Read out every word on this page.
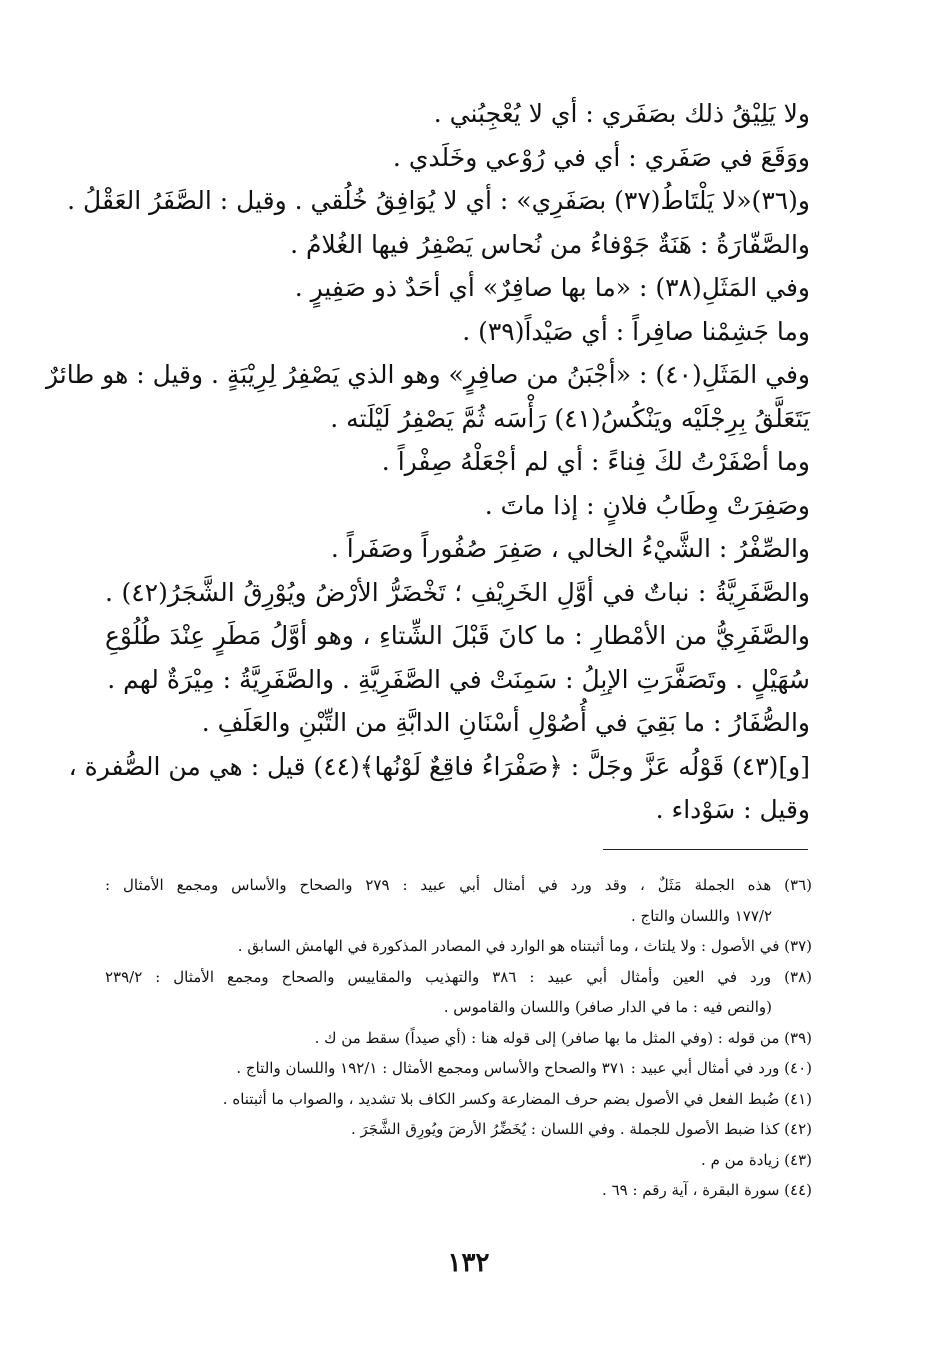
ولا يَلِيْقُ ذلك بصَفَري : أي لا يُعْجِبُني .
ووَقَعَ في صَفَري : أي في رُوْعي وخَلَدي .
و(٣٦)«لا يَلْتَاطُ(٣٧) بصَفَرِي» : أي لا يُوَافِقُ خُلُقي . وقيل : الصَّفَرُ العَقْلُ .
والصَّفّارَةُ : هَنَةٌ جَوْفاءُ من نُحاس يَصْفِرُ فيها الغُلامُ .
وفي المَثَلِ(٣٨) : «ما بها صافِرٌ» أي أحَدٌ ذو صَفِيرٍ .
وما جَشِمْنا صافِراً : أي صَيْداً(٣٩) .
وفي المَثَلِ(٤٠) : «أجْبَنُ من صافِرٍ» وهو الذي يَصْفِرُ لِرِيْبَةٍ . وقيل : هو طائرٌ
يَتَعَلَّقُ بِرِجْلَيْه ويَنْكُسُ(٤١) رَأْسَه ثُمَّ يَصْفِرُ لَيْلَته .
وما أصْفَرْتُ لكَ فِناءً : أي لم أجْعَلْهُ صِفْراً .
وصَفِرَتْ وِطَابُ فلانٍ : إذا ماتَ .
والصِّفْرُ : الشَّيْءُ الخالي ، صَفِرَ صُفُوراً وصَفَراً .
والصَّفَرِيَّةُ : نباتٌ في أوَّلِ الخَرِيْفِ ؛ تَخْضَرُّ الأرْضُ ويُوْرِقُ الشَّجَرُ(٤٢) .
والصَّفَرِيُّ من الأمْطارِ : ما كانَ قَبْلَ الشِّتاءِ ، وهو أوَّلُ مَطَرٍ عِنْدَ طُلُوْعِ
سُهَيْلٍ . وتَصَفَّرَتِ الإبِلُ : سَمِنَتْ في الصَّفَرِيَّةِ . والصَّفَرِيَّةُ : مِيْرَةٌ لهم .
والصُّفَارُ : ما بَقِيَ في أُصُوْلِ أسْنَانِ الدابَّةِ من التِّبْنِ والعَلَفِ .
[و](٤٣) قَوْلُه عَزَّ وجَلَّ : ﴿صَفْرَاءُ فاقِعٌ لَوْنُها﴾(٤٤) قيل : هي من الصُّفرة ،
وقيل : سَوْداء .
(٣٦) هذه الجملة مَثَلٌ ، وقد ورد في أمثال أبي عبيد : ٢٧٩ والصحاح والأساس ومجمع الأمثال :
١٧٧/٢ واللسان والتاج .
(٣٧) في الأصول : ولا يلتاث ، وما أثبتناه هو الوارد في المصادر المذكورة في الهامش السابق .
(٣٨) ورد في العين وأمثال أبي عبيد : ٣٨٦ والتهذيب والمقاييس والصحاح ومجمع الأمثال : ٢٣٩/٢
(والنص فيه : ما في الدار صافر) واللسان والقاموس .
(٣٩) من قوله : (وفي المثل ما بها صافر) إلى قوله هنا : (أي صيداً) سقط من ك .
(٤٠) ورد في أمثال أبي عبيد : ٣٧١ والصحاح والأساس ومجمع الأمثال : ١٩٢/١ واللسان والتاج .
(٤١) ضُبط الفعل في الأصول بضم حرف المضارعة وكسر الكاف بلا تشديد ، والصواب ما أثبتناه .
(٤٢) كذا ضبط الأصول للجملة . وفي اللسان : يُخَضِّرُ الأرضَ ويُورِق الشَّجَرَ .
(٤٣) زيادة من م .
(٤٤) سورة البقرة ، آية رقم : ٦٩ .
١٣٢
